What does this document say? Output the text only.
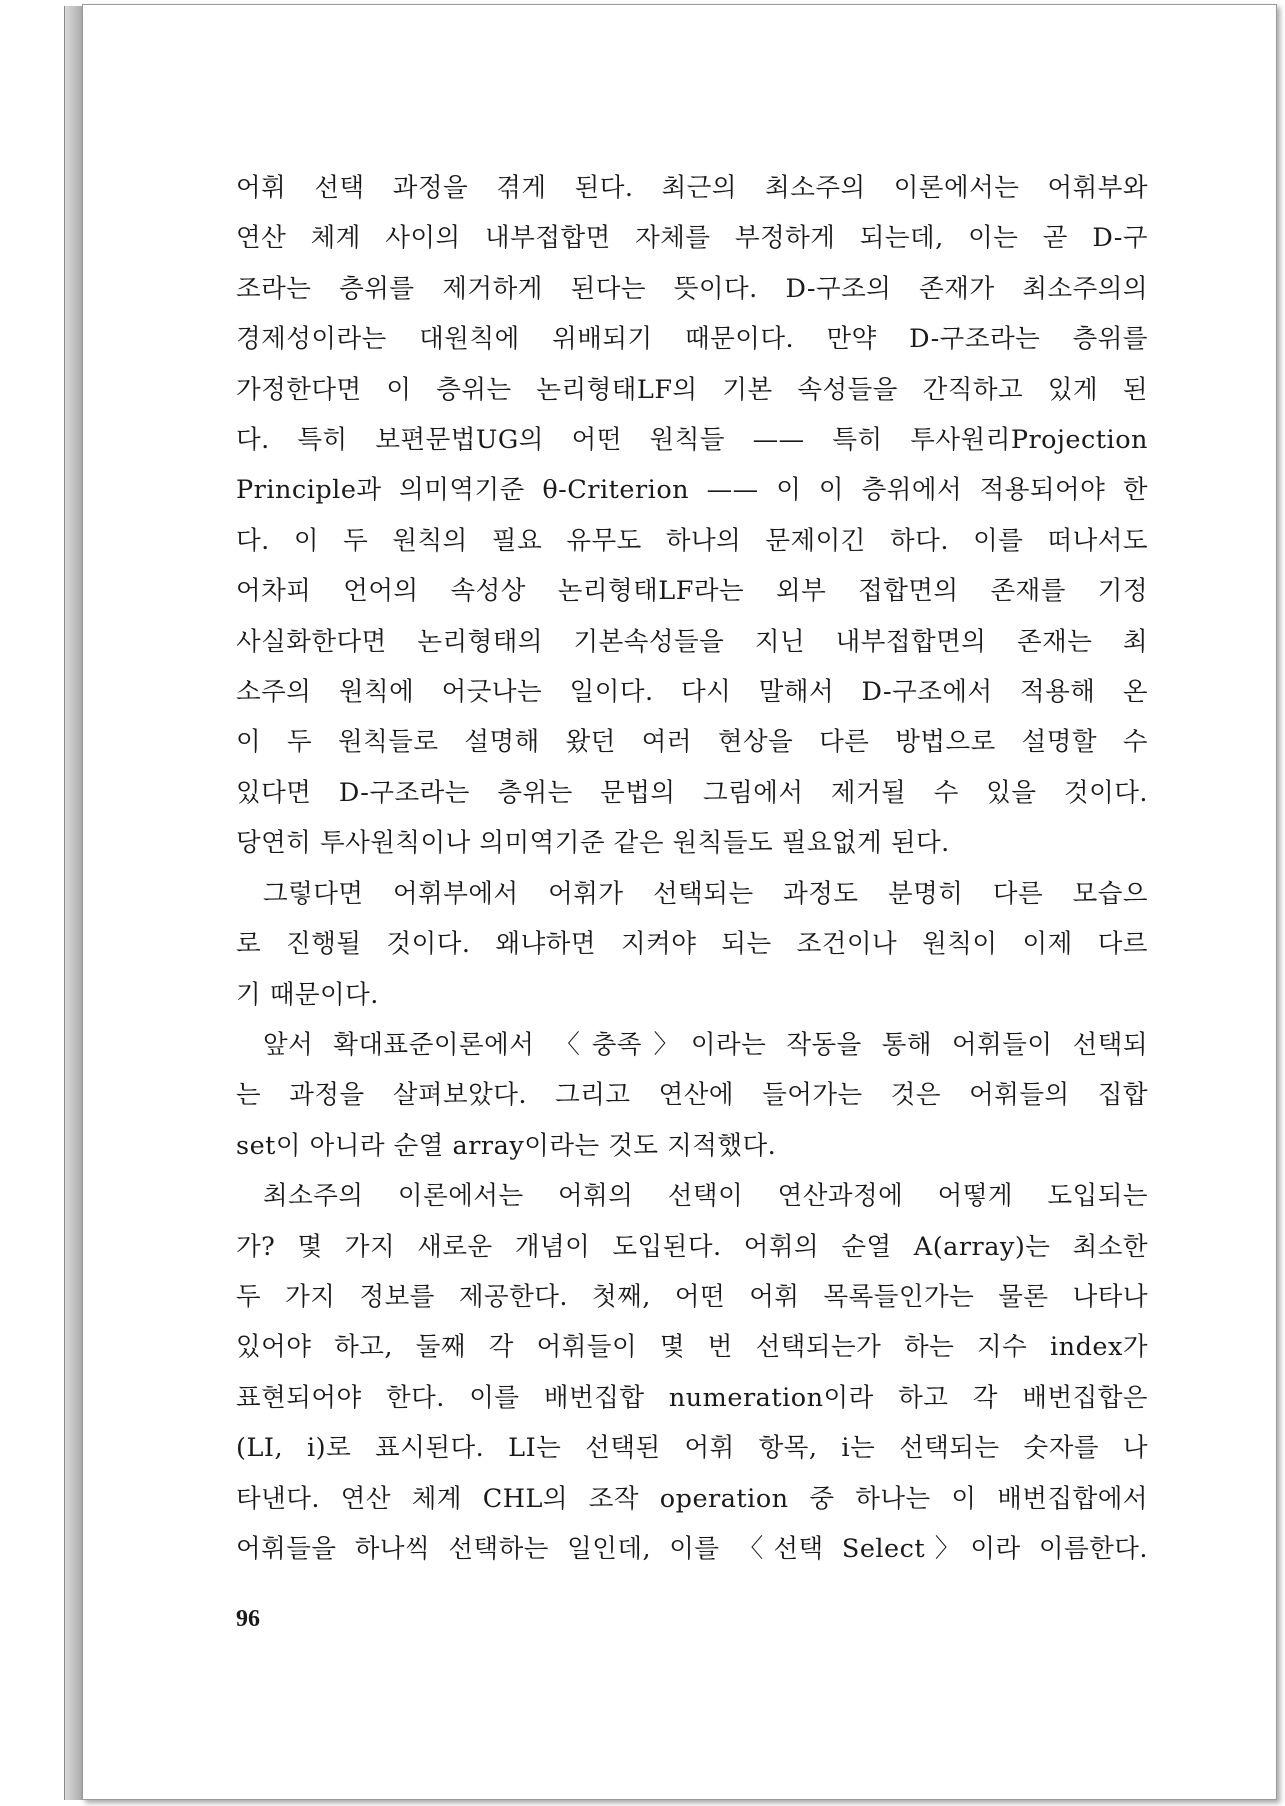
어휘 선택 과정을 겪게 된다. 최근의 최소주의 이론에서는 어휘부와
연산 체계 사이의 내부접합면 자체를 부정하게 되는데, 이는 곧 D-구
조라는 층위를 제거하게 된다는 뜻이다. D-구조의 존재가 최소주의의
경제성이라는 대원칙에 위배되기 때문이다. 만약 D-구조라는 층위를
가정한다면 이 층위는 논리형태LF의 기본 속성들을 간직하고 있게 된
다. 특히 보편문법UG의 어떤 원칙들 —— 특히 투사원리Projection
Principle과 의미역기준 θ-Criterion —— 이 이 층위에서 적용되어야 한
다. 이 두 원칙의 필요 유무도 하나의 문제이긴 하다. 이를 떠나서도
어차피 언어의 속성상 논리형태LF라는 외부 접합면의 존재를 기정
사실화한다면 논리형태의 기본속성들을 지닌 내부접합면의 존재는 최
소주의 원칙에 어긋나는 일이다. 다시 말해서 D-구조에서 적용해 온
이 두 원칙들로 설명해 왔던 여러 현상을 다른 방법으로 설명할 수
있다면 D-구조라는 층위는 문법의 그림에서 제거될 수 있을 것이다.
당연히 투사원칙이나 의미역기준 같은 원칙들도 필요없게 된다.
그렇다면 어휘부에서 어휘가 선택되는 과정도 분명히 다른 모습으
로 진행될 것이다. 왜냐하면 지켜야 되는 조건이나 원칙이 이제 다르
기 때문이다.
앞서 확대표준이론에서 〈충족〉이라는 작동을 통해 어휘들이 선택되
는 과정을 살펴보았다. 그리고 연산에 들어가는 것은 어휘들의 집합
set이 아니라 순열 array이라는 것도 지적했다.
최소주의 이론에서는 어휘의 선택이 연산과정에 어떻게 도입되는
가? 몇 가지 새로운 개념이 도입된다. 어휘의 순열 A(array)는 최소한
두 가지 정보를 제공한다. 첫째, 어떤 어휘 목록들인가는 물론 나타나
있어야 하고, 둘째 각 어휘들이 몇 번 선택되는가 하는 지수 index가
표현되어야 한다. 이를 배번집합 numeration이라 하고 각 배번집합은
(LI, i)로 표시된다. LI는 선택된 어휘 항목, i는 선택되는 숫자를 나
타낸다. 연산 체계 CHL의 조작 operation 중 하나는 이 배번집합에서
어휘들을 하나씩 선택하는 일인데, 이를 〈선택 Select〉이라 이름한다.
96
